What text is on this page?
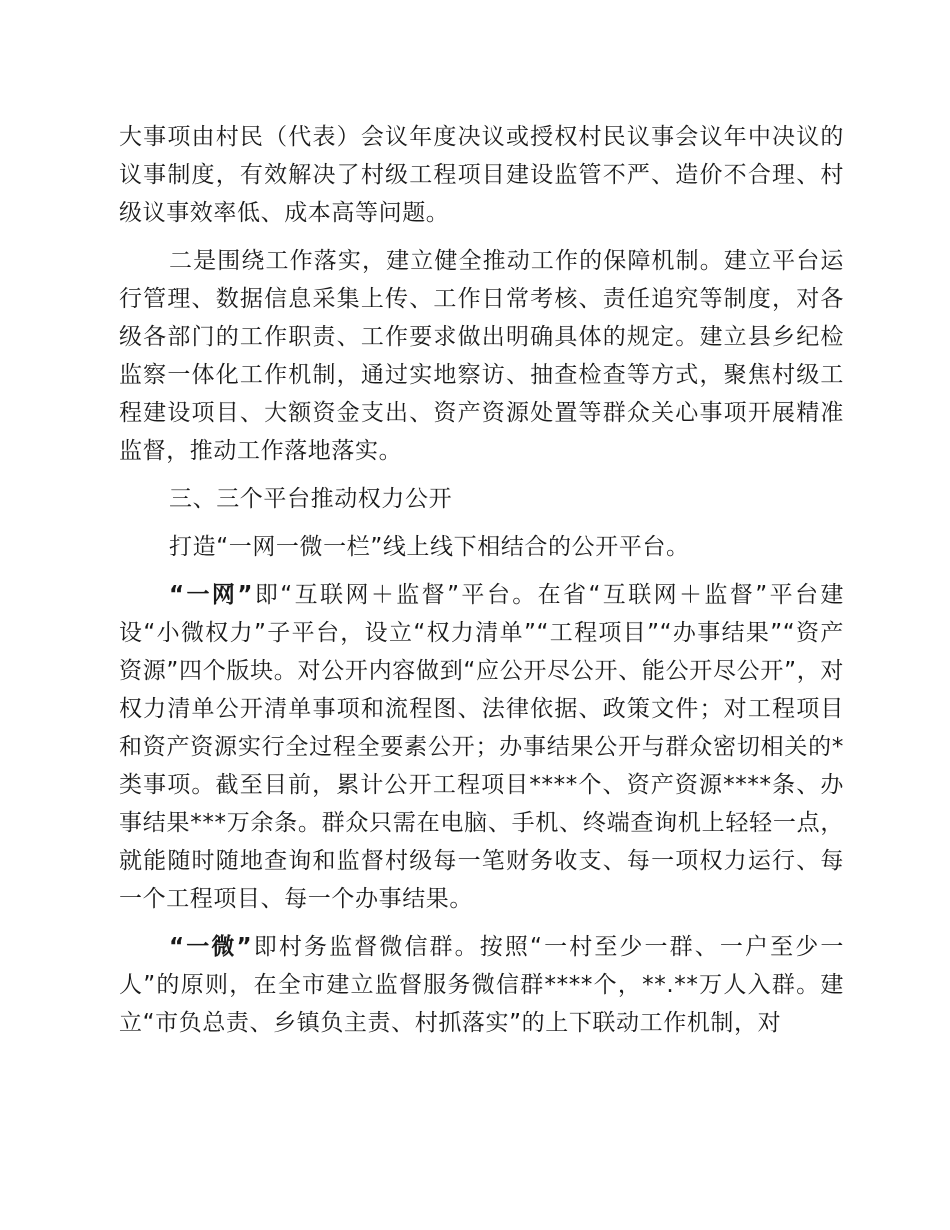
大事项由村民（代表）会议年度决议或授权村民议事会议年中决议的议事制度，有效解决了村级工程项目建设监管不严、造价不合理、村级议事效率低、成本高等问题。

二是围绕工作落实，建立健全推动工作的保障机制。建立平台运行管理、数据信息采集上传、工作日常考核、责任追究等制度，对各级各部门的工作职责、工作要求做出明确具体的规定。建立县乡纪检监察一体化工作机制，通过实地察访、抽查检查等方式，聚焦村级工程建设项目、大额资金支出、资产资源处置等群众关心事项开展精准监督，推动工作落地落实。

三、三个平台推动权力公开

打造“一网一微一栏”线上线下相结合的公开平台。

“一网”即“互联网＋监督”平台。在省“互联网＋监督”平台建设“小微权力”子平台，设立“权力清单”“工程项目”“办事结果”“资产资源”四个版块。对公开内容做到“应公开尽公开、能公开尽公开”，对权力清单公开清单事项和流程图、法律依据、政策文件；对工程项目和资产资源实行全过程全要素公开；办事结果公开与群众密切相关的*类事项。截至目前，累计公开工程项目****个、资产资源****条、办事结果***万余条。群众只需在电脑、手机、终端查询机上轻轻一点，就能随时随地查询和监督村级每一笔财务收支、每一项权力运行、每一个工程项目、每一个办事结果。

“一微”即村务监督微信群。按照“一村至少一群、一户至少一人”的原则，在全市建立监督服务微信群****个，**.**万人入群。建立“市负总责、乡镇负主责、村抓落实”的上下联动工作机制，对
